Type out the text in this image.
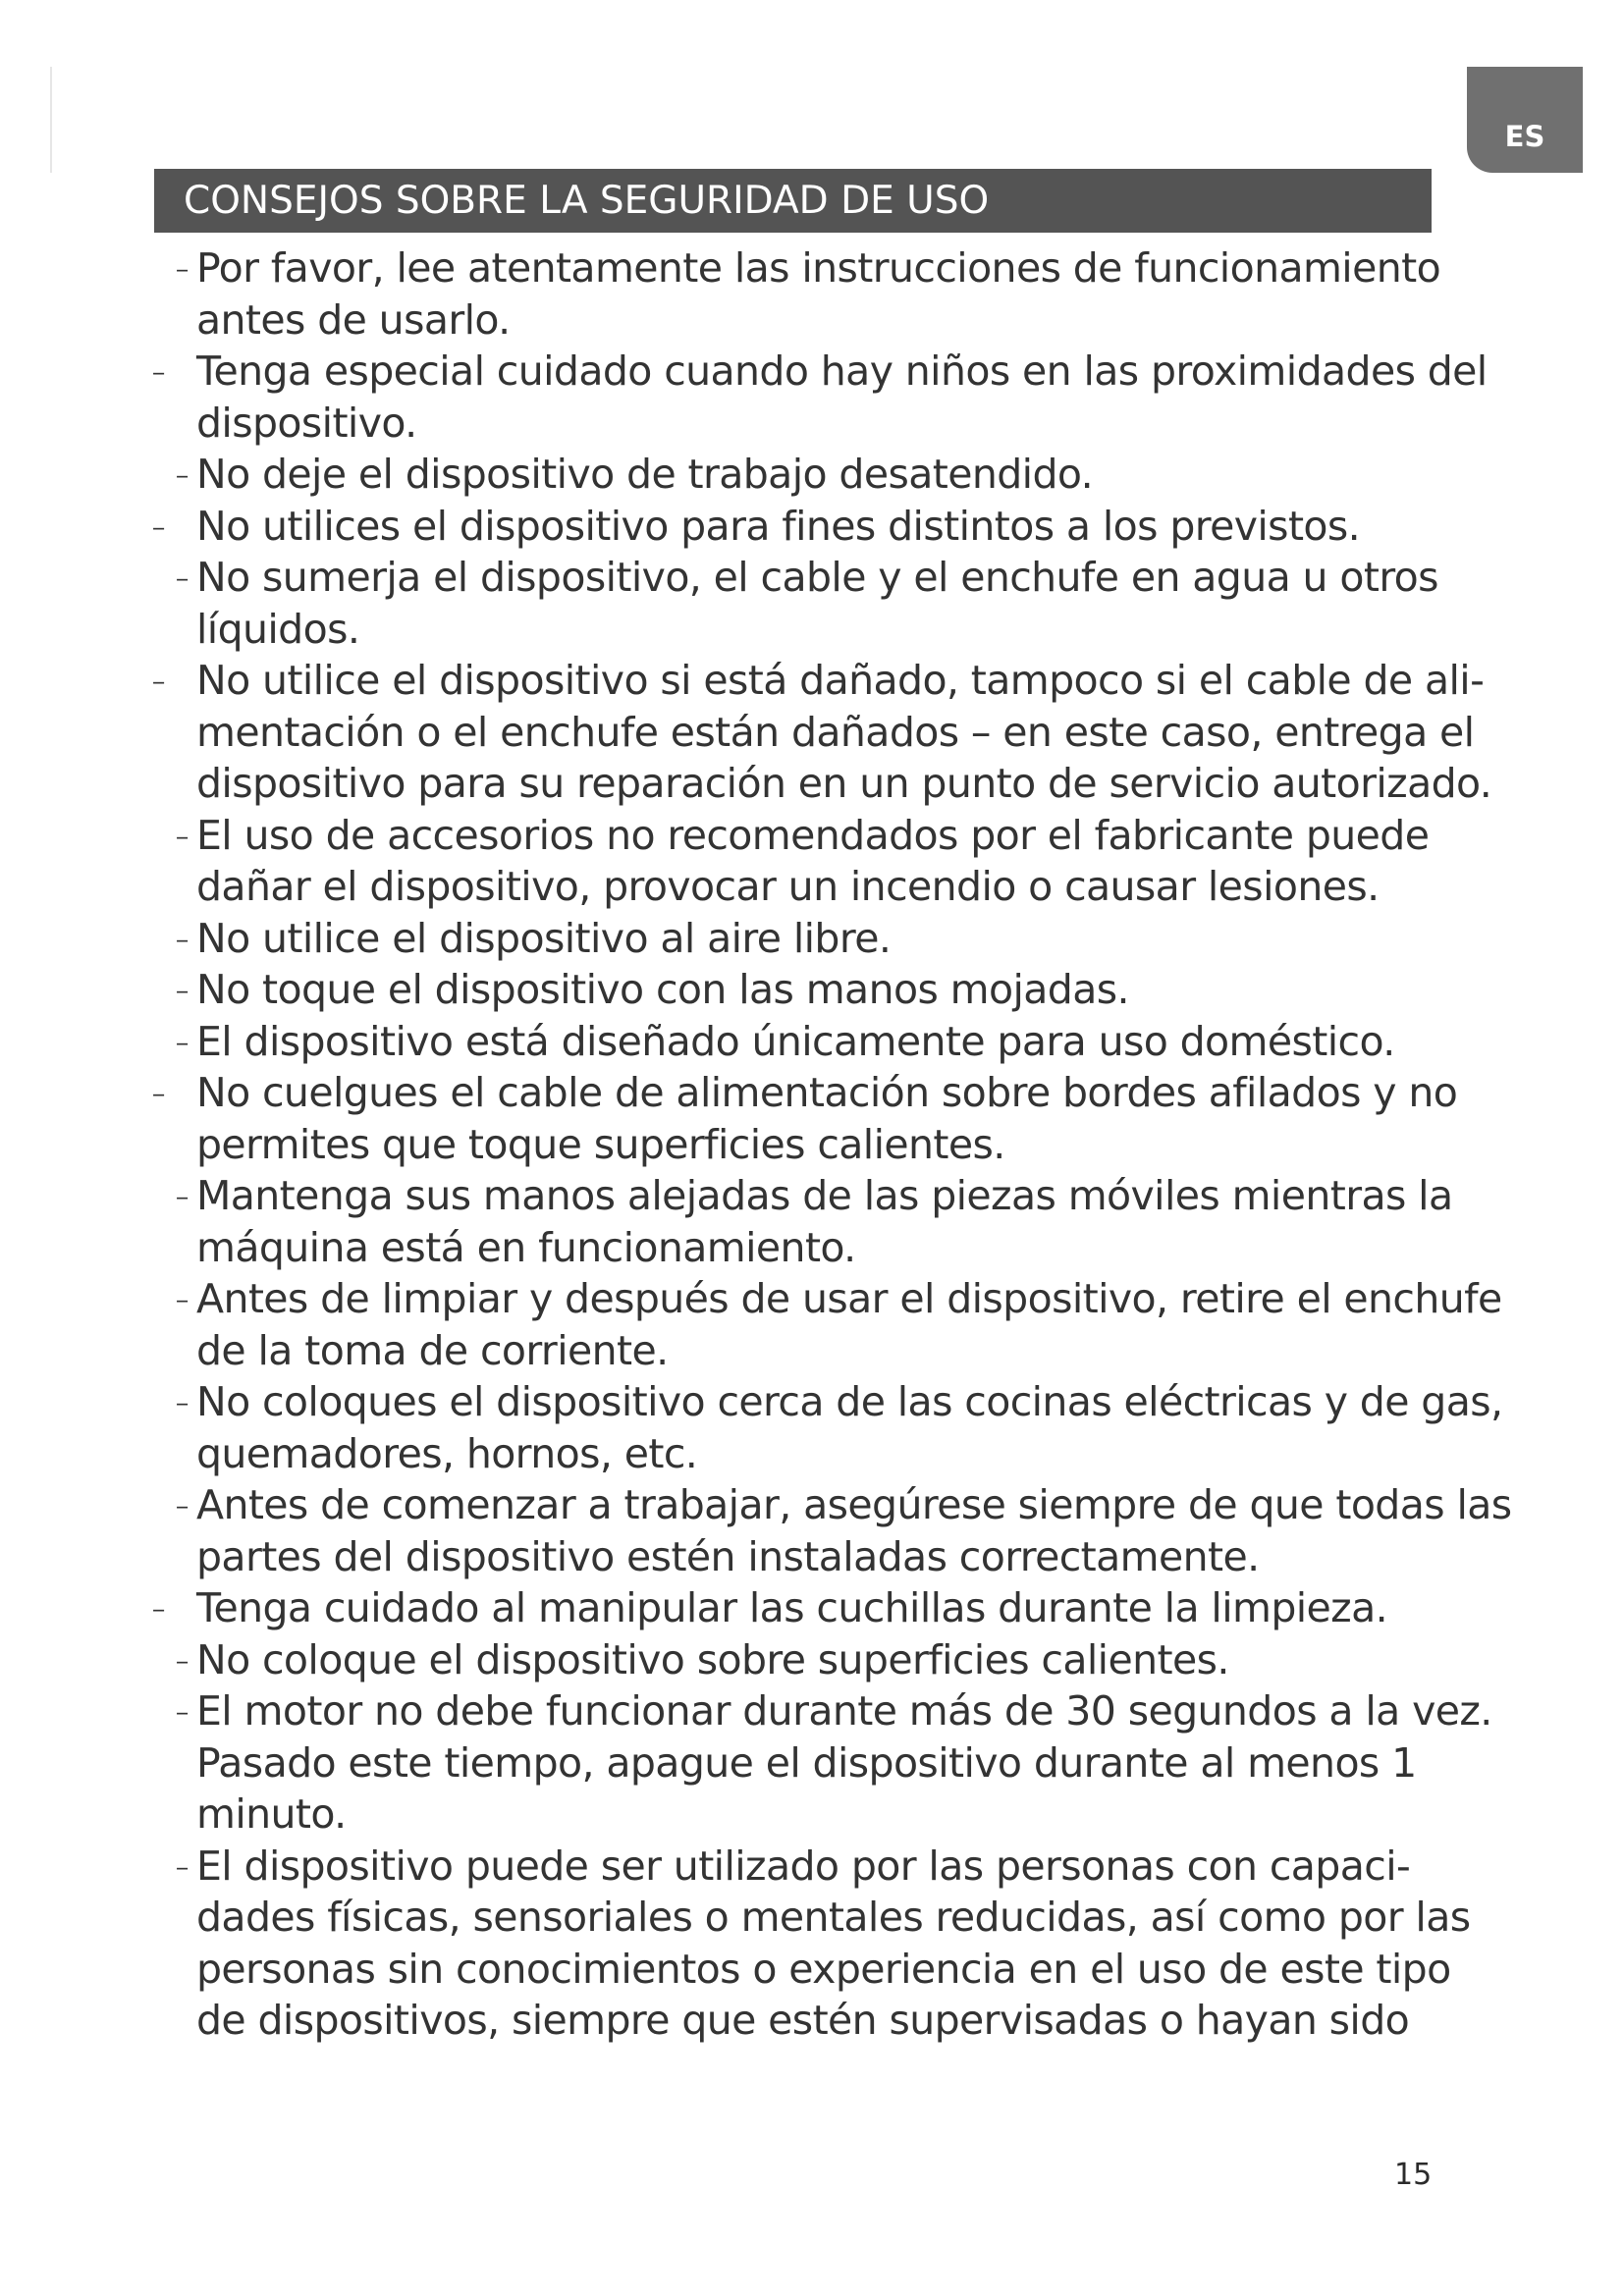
ES
CONSEJOS SOBRE LA SEGURIDAD DE USO
- Por favor, lee atentamente las instrucciones de funcionamiento
antes de usarlo.
- Tenga especial cuidado cuando hay niños en las proximidades del
dispositivo.
- No deje el dispositivo de trabajo desatendido.
- No utilices el dispositivo para fines distintos a los previstos.
- No sumerja el dispositivo, el cable y el enchufe en agua u otros
líquidos.
- No utilice el dispositivo si está dañado, tampoco si el cable de ali-
mentación o el enchufe están dañados – en este caso, entrega el
dispositivo para su reparación en un punto de servicio autorizado.
- El uso de accesorios no recomendados por el fabricante puede
dañar el dispositivo, provocar un incendio o causar lesiones.
- No utilice el dispositivo al aire libre.
- No toque el dispositivo con las manos mojadas.
- El dispositivo está diseñado únicamente para uso doméstico.
- No cuelgues el cable de alimentación sobre bordes afilados y no
permites que toque superficies calientes.
- Mantenga sus manos alejadas de las piezas móviles mientras la
máquina está en funcionamiento.
- Antes de limpiar y después de usar el dispositivo, retire el enchufe
de la toma de corriente.
- No coloques el dispositivo cerca de las cocinas eléctricas y de gas,
quemadores, hornos, etc.
- Antes de comenzar a trabajar, asegúrese siempre de que todas las
partes del dispositivo estén instaladas correctamente.
- Tenga cuidado al manipular las cuchillas durante la limpieza.
- No coloque el dispositivo sobre superficies calientes.
- El motor no debe funcionar durante más de 30 segundos a la vez.
Pasado este tiempo, apague el dispositivo durante al menos 1
minuto.
- El dispositivo puede ser utilizado por las personas con capaci-
dades físicas, sensoriales o mentales reducidas, así como por las
personas sin conocimientos o experiencia en el uso de este tipo
de dispositivos, siempre que estén supervisadas o hayan sido
15
